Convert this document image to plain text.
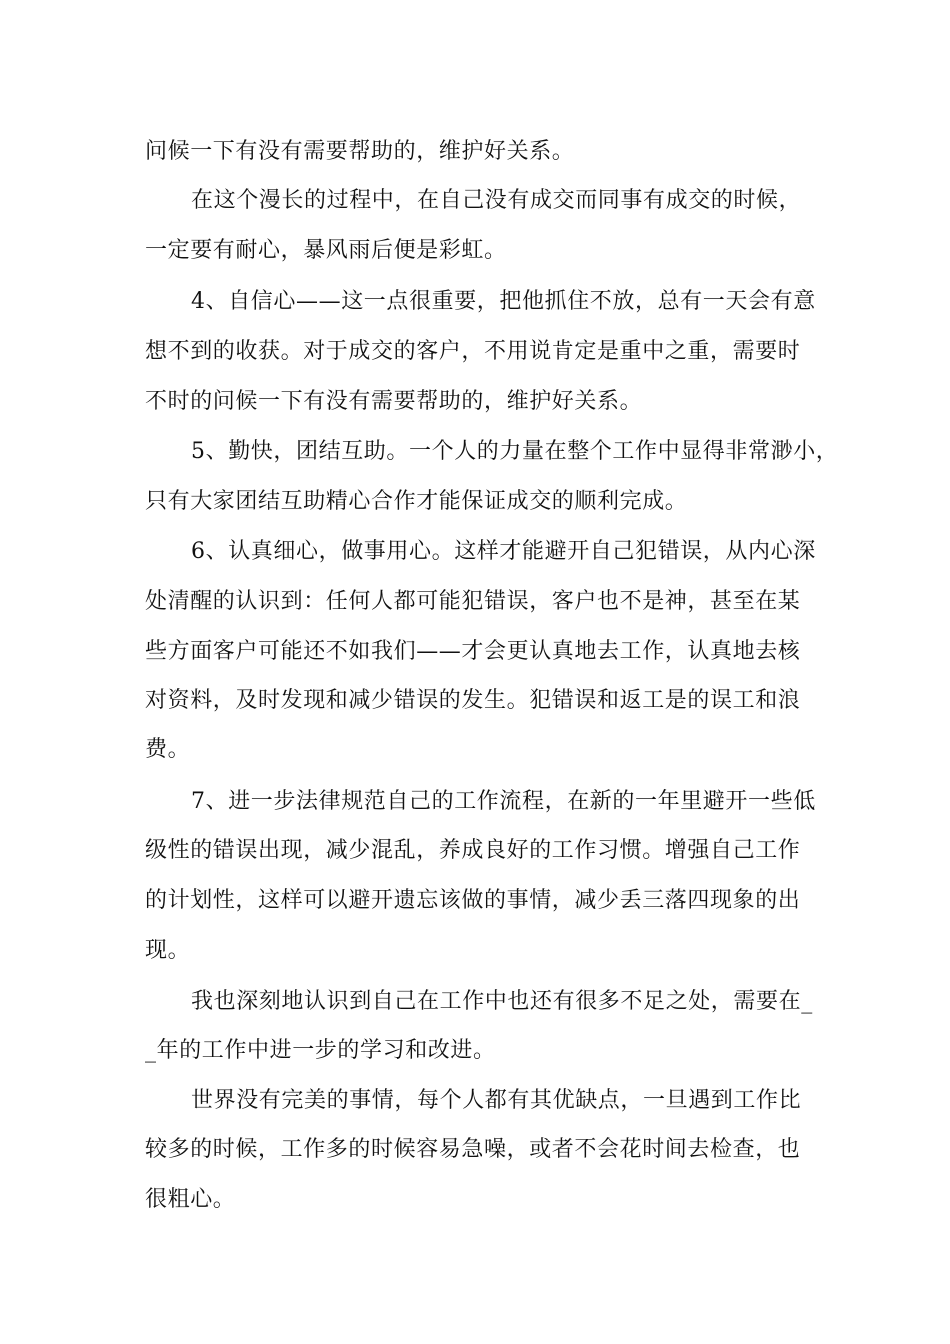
问候一下有没有需要帮助的，维护好关系。
在这个漫长的过程中，在自己没有成交而同事有成交的时候，
一定要有耐心，暴风雨后便是彩虹。
4、自信心——这一点很重要，把他抓住不放，总有一天会有意
想不到的收获。对于成交的客户，不用说肯定是重中之重，需要时
不时的问候一下有没有需要帮助的，维护好关系。
5、勤快，团结互助。一个人的力量在整个工作中显得非常渺小，
只有大家团结互助精心合作才能保证成交的顺利完成。
6、认真细心，做事用心。这样才能避开自己犯错误，从内心深
处清醒的认识到：任何人都可能犯错误，客户也不是神，甚至在某
些方面客户可能还不如我们——才会更认真地去工作，认真地去核
对资料，及时发现和减少错误的发生。犯错误和返工是的误工和浪
费。
7、进一步法律规范自己的工作流程，在新的一年里避开一些低
级性的错误出现，减少混乱，养成良好的工作习惯。增强自己工作
的计划性，这样可以避开遗忘该做的事情，减少丢三落四现象的出
现。
我也深刻地认识到自己在工作中也还有很多不足之处，需要在_
_年的工作中进一步的学习和改进。
世界没有完美的事情，每个人都有其优缺点，一旦遇到工作比
较多的时候，工作多的时候容易急噪，或者不会花时间去检查，也
很粗心。
